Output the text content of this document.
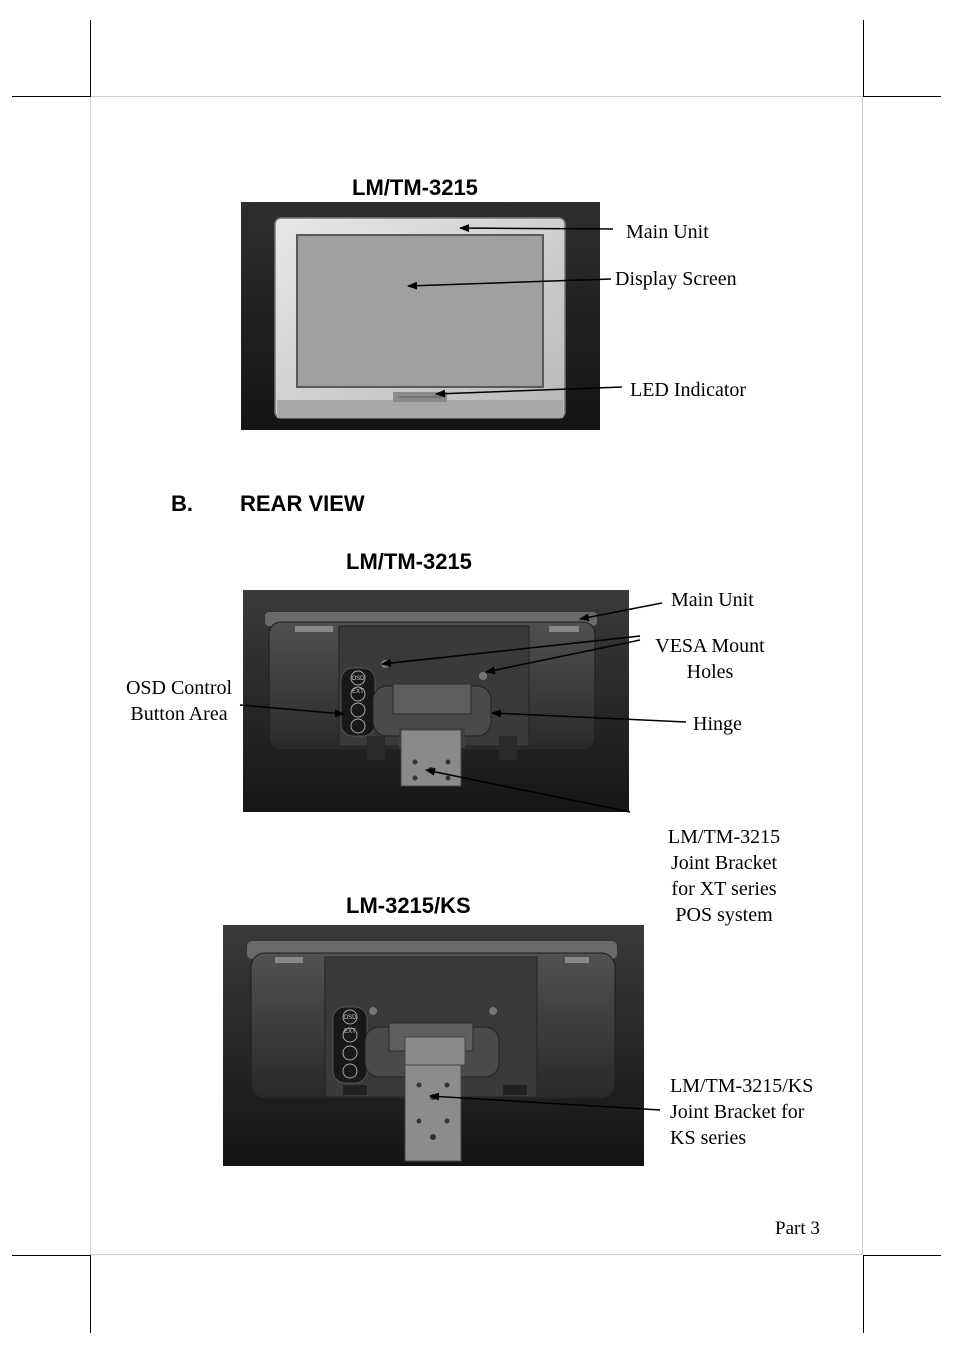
LM/TM-3215
Main Unit
Display Screen
LED Indicator
B. REAR VIEW
LM/TM-3215
OSD
EXT
Main Unit
VESA Mount
Holes
OSD Control
Button Area	Hinge
LM/TM-3215
Joint Bracket
for XT series
POS system
LM-3215/KS
OSD
EXT
LM/TM-3215/KS
Joint Bracket for
KS series
Part 3
